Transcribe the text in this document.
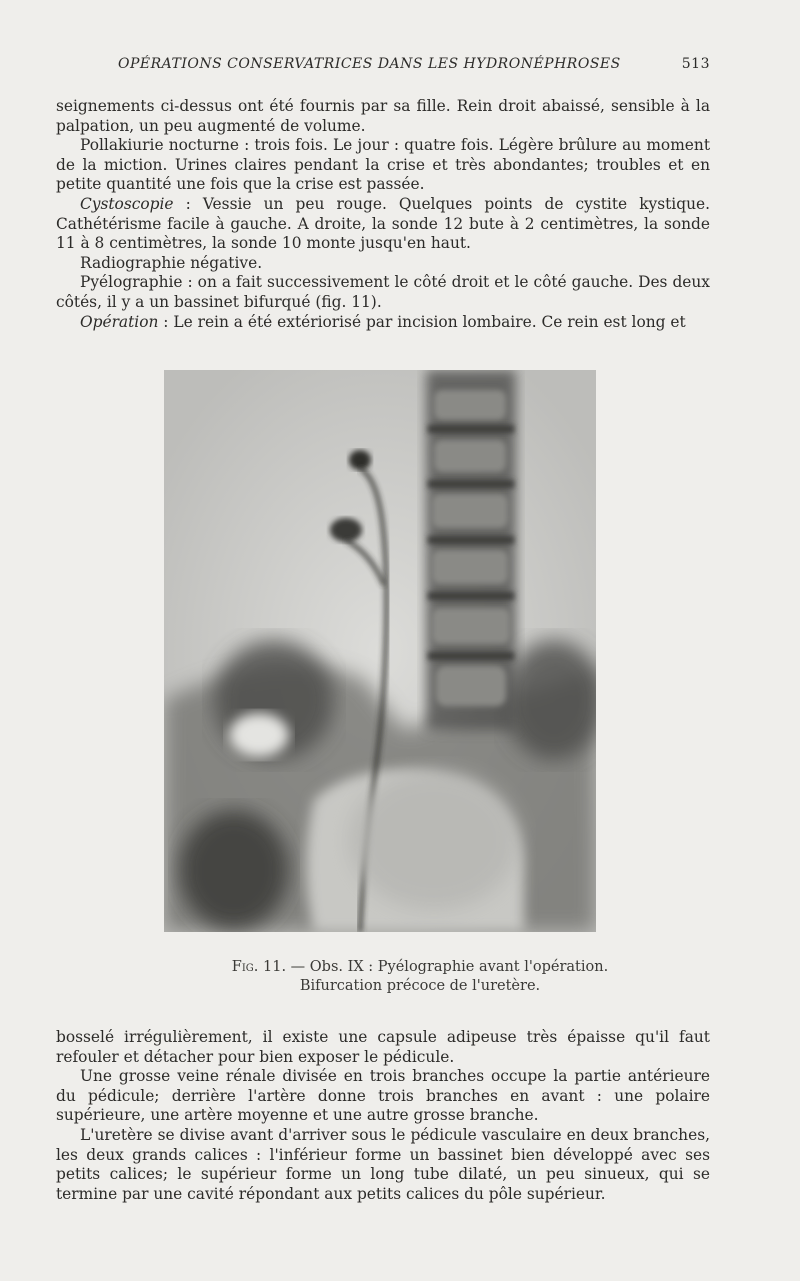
OPÉRATIONS CONSERVATRICES DANS LES HYDRONÉPHROSES	513

seignements ci-dessus ont été fournis par sa fille. Rein droit abaissé, sensible à la palpation, un peu augmenté de volume.

Pollakiurie nocturne : trois fois. Le jour : quatre fois. Légère brûlure au moment de la miction. Urines claires pendant la crise et très abondantes; troubles et en petite quantité une fois que la crise est passée.

Cystoscopie : Vessie un peu rouge. Quelques points de cystite kystique. Cathétérisme facile à gauche. A droite, la sonde 12 bute à 2 centimètres, la sonde 11 à 8 centimètres, la sonde 10 monte jusqu'en haut.

Radiographie négative.

Pyélographie : on a fait successivement le côté droit et le côté gauche. Des deux côtés, il y a un bassinet bifurqué (fig. 11).

Opération : Le rein a été extériorisé par incision lombaire. Ce rein est long et

Fig. 11. — Obs. IX : Pyélographie avant l'opération.
Bifurcation précoce de l'uretère.

bosselé irrégulièrement, il existe une capsule adipeuse très épaisse qu'il faut refouler et détacher pour bien exposer le pédicule.

Une grosse veine rénale divisée en trois branches occupe la partie antérieure du pédicule; derrière l'artère donne trois branches en avant : une polaire supérieure, une artère moyenne et une autre grosse branche.

L'uretère se divise avant d'arriver sous le pédicule vasculaire en deux branches, les deux grands calices : l'inférieur forme un bassinet bien développé avec ses petits calices; le supérieur forme un long tube dilaté, un peu sinueux, qui se termine par une cavité répondant aux petits calices du pôle supérieur.
